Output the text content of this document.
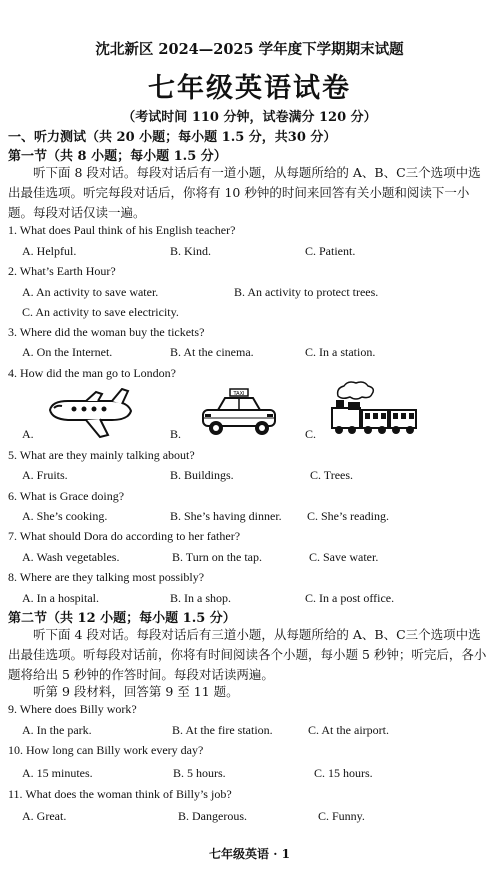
沈北新区 2024—2025 学年度下学期期末试题
七年级英语试卷
（考试时间 110 分钟，试卷满分 120 分）
一、听力测试（共 20 小题；每小题 1.5 分，共30 分）
第一节（共 8 小题；每小题 1.5 分）
听下面 8 段对话。每段对话后有一道小题，从每题所给的 A、B、C三个选项中选出最佳选项。听完每段对话后，你将有 10 秒钟的时间来回答有关小题和阅读下一小题。每段对话仅读一遍。
1. What does Paul think of his English teacher?
A. Helpful.	B. Kind.	C. Patient.
2. What’s Earth Hour?
A. An activity to save water.	B. An activity to protect trees.
C. An activity to save electricity.
3. Where did the woman buy the tickets?
A. On the Internet.	B. At the cinema.	C. In a station.
4. How did the man go to London?
A.	B.	C.
TAXI
5. What are they mainly talking about?
A. Fruits.	B. Buildings.	C. Trees.
6. What is Grace doing?
A. She’s cooking.	B. She’s having dinner. C. She’s reading.
7. What should Dora do according to her father?
A. Wash vegetables.	B. Turn on the tap.	C. Save water.
8. Where are they talking most possibly?
A. In a hospital.	B. In a shop.	C. In a post office.
第二节（共 12 小题；每小题 1.5 分）
听下面 4 段对话。每段对话后有三道小题，从每题所给的 A、B、C三个选项中选出最佳选项。听每段对话前，你将有时间阅读各个小题，每小题 5 秒钟；听完后，各小题将给出 5 秒钟的作答时间。每段对话读两遍。
听第 9 段材料，回答第 9 至 11 题。
9. Where does Billy work?
A. In the park.	B. At the fire station.	C. At the airport.
10. How long can Billy work every day?
A. 15 minutes.	B. 5 hours.	C. 15 hours.
11. What does the woman think of Billy’s job?
A. Great.	B. Dangerous.	C. Funny.
七年级英语 · 1
